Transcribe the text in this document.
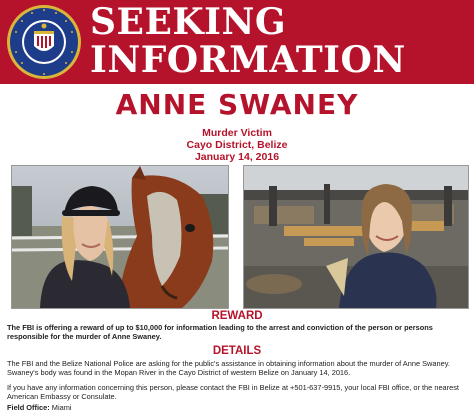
SEEKING
INFORMATION
ANNE SWANEY
Murder Victim
Cayo District, Belize
January 14, 2016
REWARD
The FBI is offering a reward of up to $10,000 for information leading to the arrest and conviction of the person or persons responsible for the murder of Anne Swaney.
DETAILS
The FBI and the Belize National Police are asking for the public's assistance in obtaining information about the murder of Anne Swaney. Swaney's body was found in the Mopan River in the Cayo District of western Belize on January 14, 2016.
If you have any information concerning this person, please contact the FBI in Belize at +501-637-9915, your local FBI office, or the nearest American Embassy or Consulate.
Field Office: Miami
